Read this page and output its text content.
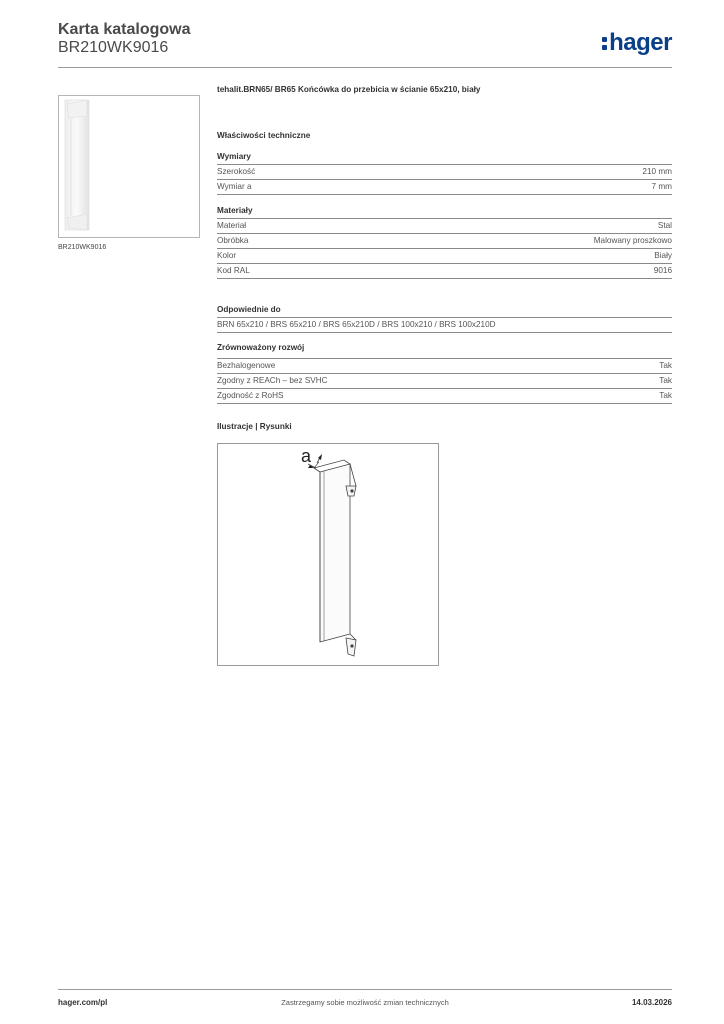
Karta katalogowa
BR210WK9016	hager
BR210WK9016
tehalit.BRN65/ BR65 Końcówka do przebicia w ścianie 65x210, biały
Właściwości techniczne
Wymiary
Szerokość	210 mm
Wymiar a	7 mm
Materiały
Materiał	Stal
Obróbka	Malowany proszkowo
Kolor	Biały
Kod RAL	9016
Odpowiednie do
BRN 65x210 / BRS 65x210 / BRS 65x210D / BRS 100x210 / BRS 100x210D
Zrównoważony rozwój
Bezhalogenowe	Tak
Zgodny z REACh – bez SVHC	Tak
Zgodność z RoHS	Tak
Ilustracje | Rysunki
a
hager.com/pl	Zastrzegamy sobie możliwość zmian technicznych	14.03.2026
